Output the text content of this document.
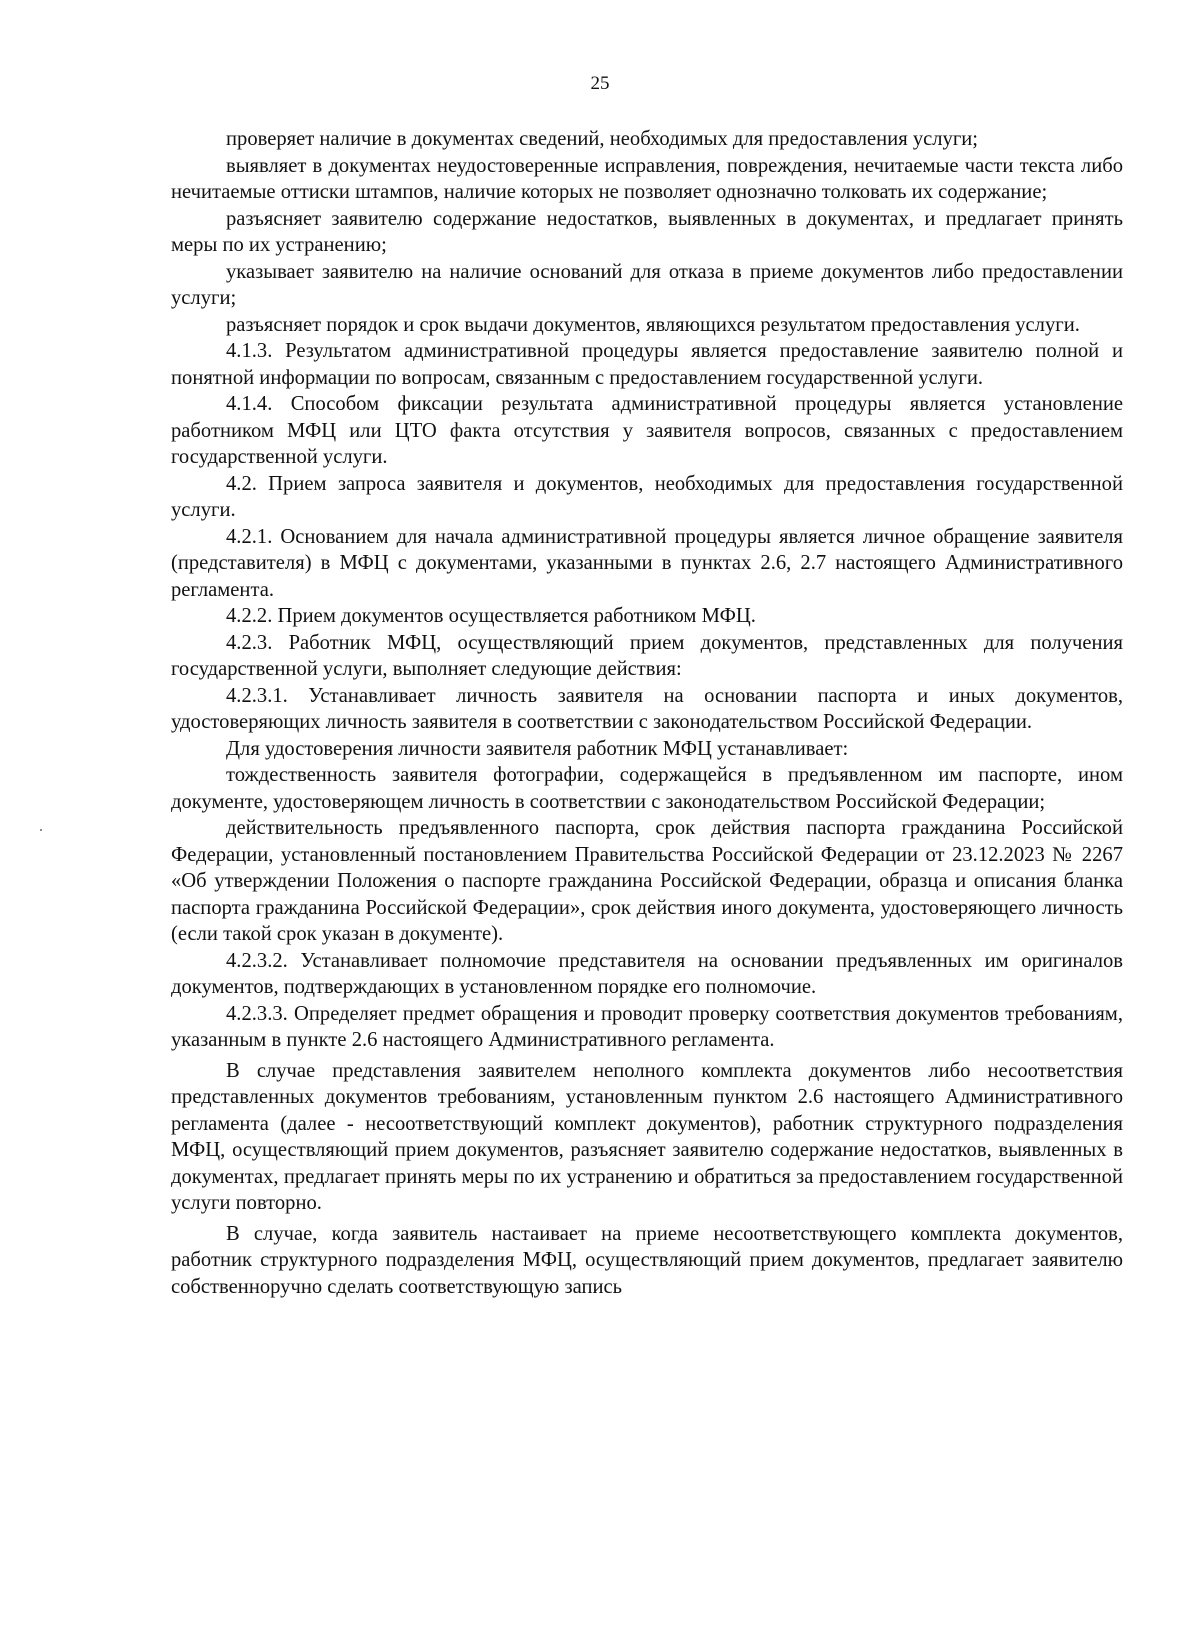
25

проверяет наличие в документах сведений, необходимых для предоставления услуги;

выявляет в документах неудостоверенные исправления, повреждения, нечитаемые части текста либо нечитаемые оттиски штампов, наличие которых не позволяет однозначно толковать их содержание;

разъясняет заявителю содержание недостатков, выявленных в документах, и предлагает принять меры по их устранению;

указывает заявителю на наличие оснований для отказа в приеме документов либо предоставлении услуги;

разъясняет порядок и срок выдачи документов, являющихся результатом предоставления услуги.

4.1.3. Результатом административной процедуры является предоставление заявителю полной и понятной информации по вопросам, связанным с предоставлением государственной услуги.

4.1.4. Способом фиксации результата административной процедуры является установление работником МФЦ или ЦТО факта отсутствия у заявителя вопросов, связанных с предоставлением государственной услуги.

4.2. Прием запроса заявителя и документов, необходимых для предоставления государственной услуги.

4.2.1. Основанием для начала административной процедуры является личное обращение заявителя (представителя) в МФЦ с документами, указанными в пунктах 2.6, 2.7 настоящего Административного регламента.

4.2.2. Прием документов осуществляется работником МФЦ.

4.2.3. Работник МФЦ, осуществляющий прием документов, представленных для получения государственной услуги, выполняет следующие действия:

4.2.3.1. Устанавливает личность заявителя на основании паспорта и иных документов, удостоверяющих личность заявителя в соответствии с законодательством Российской Федерации.

Для удостоверения личности заявителя работник МФЦ устанавливает:

тождественность заявителя фотографии, содержащейся в предъявленном им паспорте, ином документе, удостоверяющем личность в соответствии с законодательством Российской Федерации;

действительность предъявленного паспорта, срок действия паспорта гражданина Российской Федерации, установленный постановлением Правительства Российской Федерации от 23.12.2023 № 2267 «Об утверждении Положения о паспорте гражданина Российской Федерации, образца и описания бланка паспорта гражданина Российской Федерации», срок действия иного документа, удостоверяющего личность (если такой срок указан в документе).

4.2.3.2. Устанавливает полномочие представителя на основании предъявленных им оригиналов документов, подтверждающих в установленном порядке его полномочие.

4.2.3.3. Определяет предмет обращения и проводит проверку соответствия документов требованиям, указанным в пункте 2.6 настоящего Административного регламента.

В случае представления заявителем неполного комплекта документов либо несоответствия представленных документов требованиям, установленным пунктом 2.6 настоящего Административного регламента (далее - несоответствующий комплект документов), работник структурного подразделения МФЦ, осуществляющий прием документов, разъясняет заявителю содержание недостатков, выявленных в документах, предлагает принять меры по их устранению и обратиться за предоставлением государственной услуги повторно.

В случае, когда заявитель настаивает на приеме несоответствующего комплекта документов, работник структурного подразделения МФЦ, осуществляющий прием документов, предлагает заявителю собственноручно сделать соответствующую запись
